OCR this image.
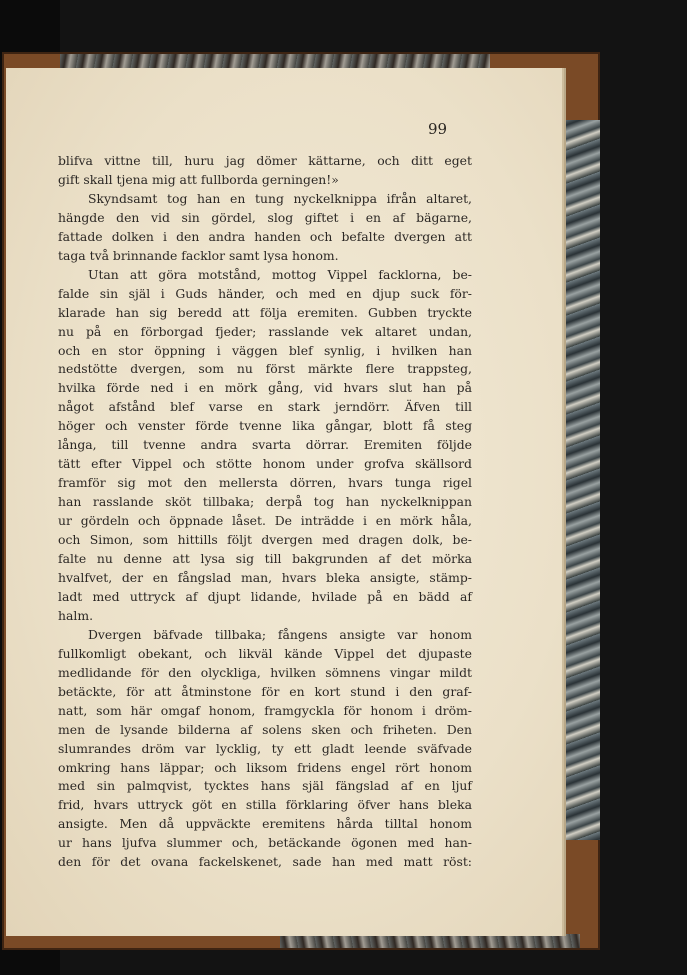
99
blifva vittne till, huru jag dömer kättarne, och ditt eget
gift skall tjena mig att fullborda gerningen!»
Skyndsamt tog han en tung nyckelknippa ifrån altaret,
hängde den vid sin gördel, slog giftet i en af bägarne,
fattade dolken i den andra handen och befalte dvergen att
taga två brinnande facklor samt lysa honom.
Utan att göra motstånd, mottog Vippel facklorna, be-
falde sin själ i Guds händer, och med en djup suck för-
klarade han sig beredd att följa eremiten. Gubben tryckte
nu på en förborgad fjeder; rasslande vek altaret undan,
och en stor öppning i väggen blef synlig, i hvilken han
nedstötte dvergen, som nu först märkte flere trappsteg,
hvilka förde ned i en mörk gång, vid hvars slut han på
något afstånd blef varse en stark jerndörr. Äfven till
höger och venster förde tvenne lika gångar, blott få steg
långa, till tvenne andra svarta dörrar. Eremiten följde
tätt efter Vippel och stötte honom under grofva skällsord
framför sig mot den mellersta dörren, hvars tunga rigel
han rasslande sköt tillbaka; derpå tog han nyckelknippan
ur gördeln och öppnade låset. De inträdde i en mörk håla,
och Simon, som hittills följt dvergen med dragen dolk, be-
falte nu denne att lysa sig till bakgrunden af det mörka
hvalfvet, der en fångslad man, hvars bleka ansigte, stämp-
ladt med uttryck af djupt lidande, hvilade på en bädd af
halm.
Dvergen bäfvade tillbaka; fångens ansigte var honom
fullkomligt obekant, och likväl kände Vippel det djupaste
medlidande för den olyckliga, hvilken sömnens vingar mildt
betäckte, för att åtminstone för en kort stund i den graf-
natt, som här omgaf honom, framgyckla för honom i dröm-
men de lysande bilderna af solens sken och friheten. Den
slumrandes dröm var lycklig, ty ett gladt leende sväfvade
omkring hans läppar; och liksom fridens engel rört honom
med sin palmqvist, tycktes hans själ fängslad af en ljuf
frid, hvars uttryck göt en stilla förklaring öfver hans bleka
ansigte. Men då uppväckte eremitens hårda tilltal honom
ur hans ljufva slummer och, betäckande ögonen med han-
den för det ovana fackelskenet, sade han med matt röst:
